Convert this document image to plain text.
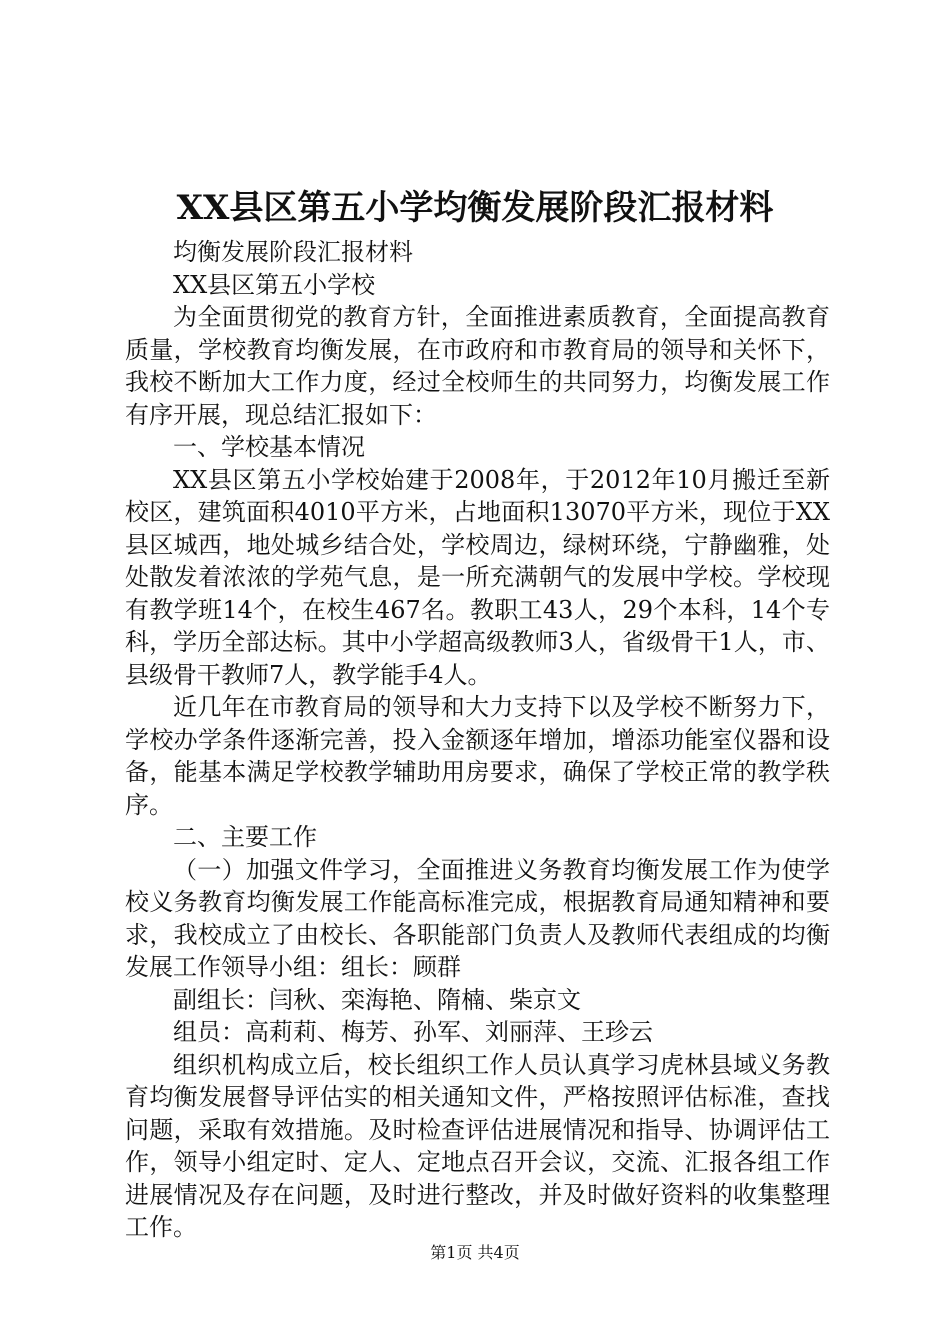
XX县区第五小学均衡发展阶段汇报材料

均衡发展阶段汇报材料

XX县区第五小学校

为全面贯彻党的教育方针，全面推进素质教育，全面提高教育质量，学校教育均衡发展，在市政府和市教育局的领导和关怀下，我校不断加大工作力度，经过全校师生的共同努力，均衡发展工作有序开展，现总结汇报如下：

一、学校基本情况

XX县区第五小学校始建于2008年，于2012年10月搬迁至新校区，建筑面积4010平方米，占地面积13070平方米，现位于XX县区城西，地处城乡结合处，学校周边，绿树环绕，宁静幽雅，处处散发着浓浓的学苑气息，是一所充满朝气的发展中学校。学校现有教学班14个，在校生467名。教职工43人，29个本科，14个专科，学历全部达标。其中小学超高级教师3人，省级骨干1人，市、县级骨干教师7人，教学能手4人。

近几年在市教育局的领导和大力支持下以及学校不断努力下，学校办学条件逐渐完善，投入金额逐年增加，增添功能室仪器和设备，能基本满足学校教学辅助用房要求，确保了学校正常的教学秩序。

二、主要工作

（一）加强文件学习，全面推进义务教育均衡发展工作为使学校义务教育均衡发展工作能高标准完成，根据教育局通知精神和要求，我校成立了由校长、各职能部门负责人及教师代表组成的均衡发展工作领导小组：组长：顾群

副组长：闫秋、栾海艳、隋楠、柴京文

组员：高莉莉、梅芳、孙军、刘丽萍、王珍云

组织机构成立后，校长组织工作人员认真学习虎林县域义务教育均衡发展督导评估实的相关通知文件，严格按照评估标准，查找问题，采取有效措施。及时检查评估进展情况和指导、协调评估工作，领导小组定时、定人、定地点召开会议，交流、汇报各组工作进展情况及存在问题，及时进行整改，并及时做好资料的收集整理工作。

第1页 共4页
